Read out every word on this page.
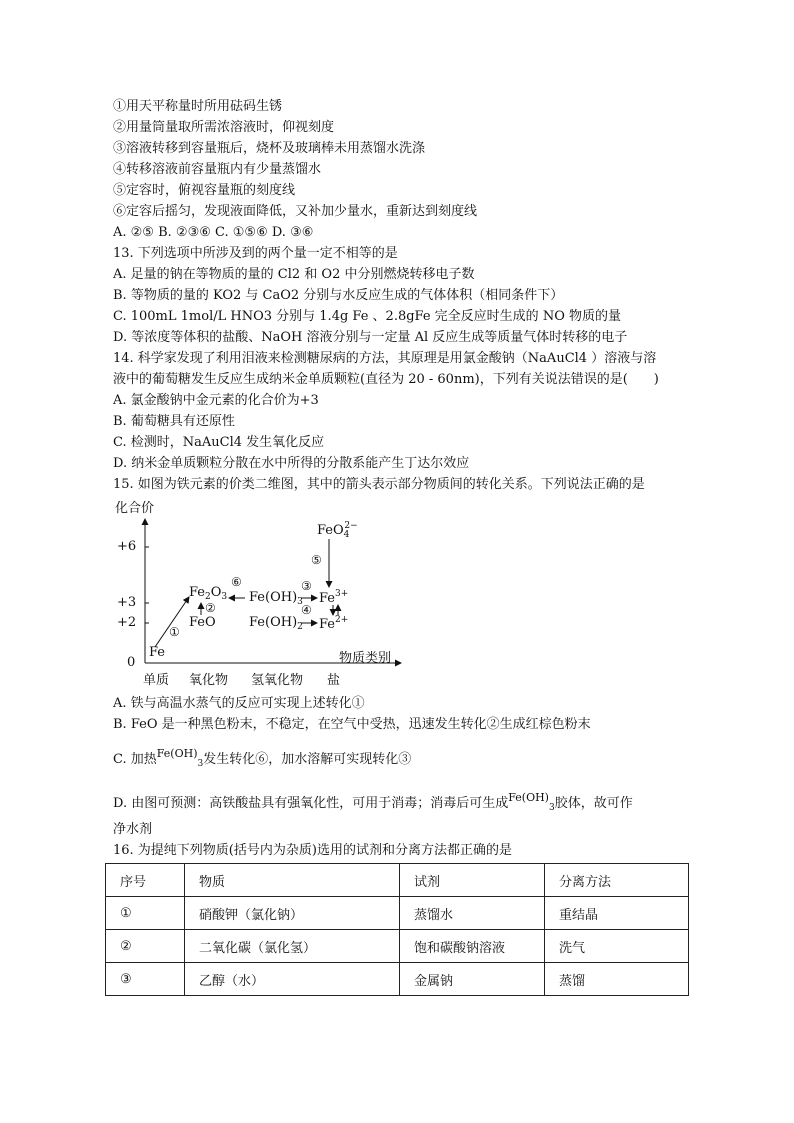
①用天平称量时所用砝码生锈
②用量筒量取所需浓溶液时，仰视刻度
③溶液转移到容量瓶后，烧杯及玻璃棒未用蒸馏水洗涤
④转移溶液前容量瓶内有少量蒸馏水
⑤定容时，俯视容量瓶的刻度线
⑥定容后摇匀，发现液面降低，又补加少量水，重新达到刻度线
A. ②⑤ B. ②③⑥ C. ①⑤⑥ D. ③⑥
13. 下列选项中所涉及到的两个量一定不相等的是
A. 足量的钠在等物质的量的 Cl2 和 O2 中分别燃烧转移电子数
B. 等物质的量的 KO2 与 CaO2 分别与水反应生成的气体体积（相同条件下）
C. 100mL 1mol/L HNO3 分别与 1.4g Fe 、2.8gFe 完全反应时生成的 NO 物质的量
D. 等浓度等体积的盐酸、NaOH 溶液分别与一定量 Al 反应生成等质量气体时转移的电子
14. 科学家发现了利用泪液来检测糖尿病的方法，其原理是用氯金酸钠（NaAuCl4 ）溶液与溶
液中的葡萄糖发生反应生成纳米金单质颗粒(直径为 20 - 60nm)，下列有关说法错误的是(　　)
A. 氯金酸钠中金元素的化合价为+3
B. 葡萄糖具有还原性
C. 检测时，NaAuCl4 发生氧化反应
D. 纳米金单质颗粒分散在水中所得的分散系能产生丁达尔效应
15. 如图为铁元素的价类二维图，其中的箭头表示部分物质间的转化关系。下列说法正确的是
化合价
+6
+3
+2
0
Fe
①
$Fe_2O_3$
②
FeO
⑥
$Fe(OH)_3$
$Fe(OH)_2$
③
④
⑤
$Fe^{3+}$
$Fe^{2+}$
FeO$_4^{2-}$
物质类别
单质 氧化物 氢氧化物 盐
A. 铁与高温水蒸气的反应可实现上述转化①
B. FeO 是一种黑色粉末，不稳定，在空气中受热，迅速发生转化②生成红棕色粉末
C. 加热$^{Fe(OH)}_3$发生转化⑥，加水溶解可实现转化③
D. 由图可预测：高铁酸盐具有强氧化性，可用于消毒；消毒后可生成$^{Fe(OH)}_3$胶体，故可作
净水剂
16. 为提纯下列物质(括号内为杂质)选用的试剂和分离方法都正确的是
序号	物质	试剂	分离方法
①	硝酸钾（氯化钠）	蒸馏水	重结晶
②	二氧化碳（氯化氢）	饱和碳酸钠溶液	洗气
③	乙醇（水）	金属钠	蒸馏
